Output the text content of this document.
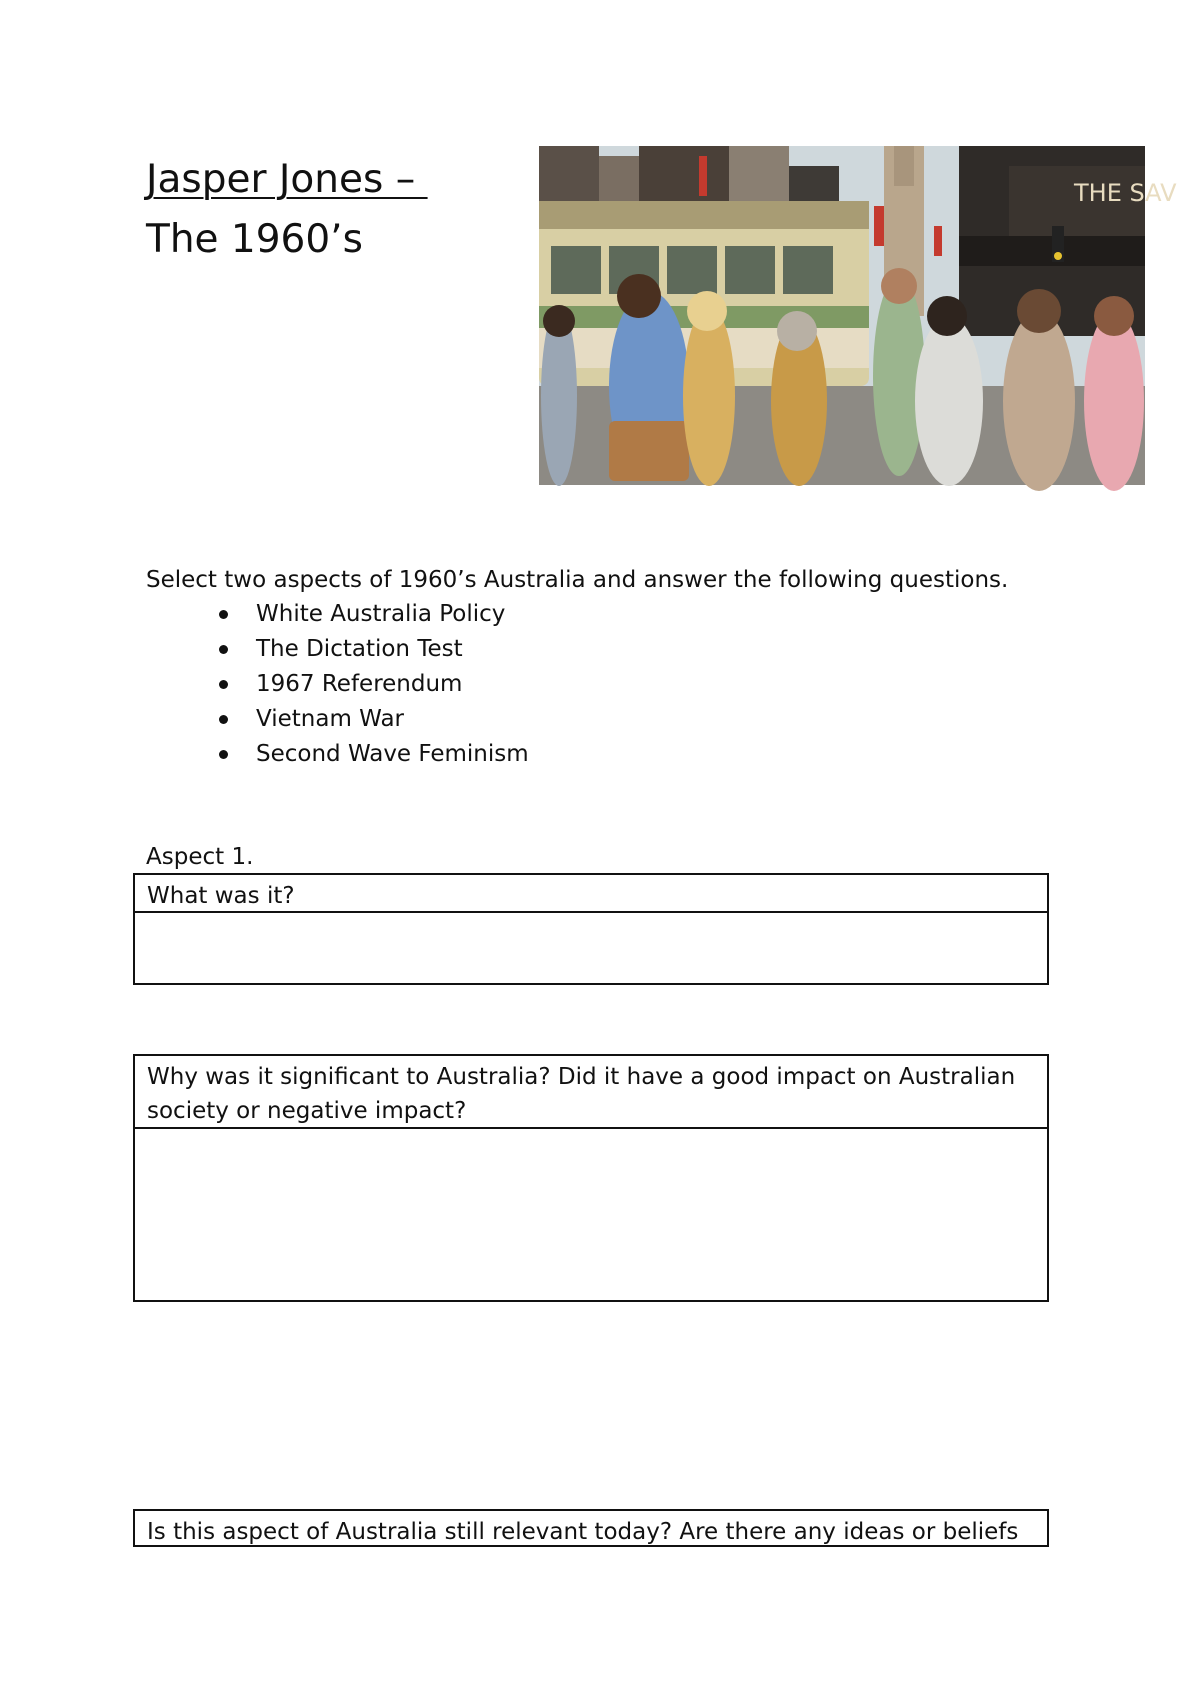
Jasper Jones –
The 1960’s
THE SAV
Select two aspects of 1960’s Australia and answer the following questions.
White Australia Policy
The Dictation Test
1967 Referendum
Vietnam War
Second Wave Feminism
Aspect 1.
What was it?
Why was it significant to Australia? Did it have a good impact on Australian society or negative impact?
Is this aspect of Australia still relevant today? Are there any ideas or beliefs
